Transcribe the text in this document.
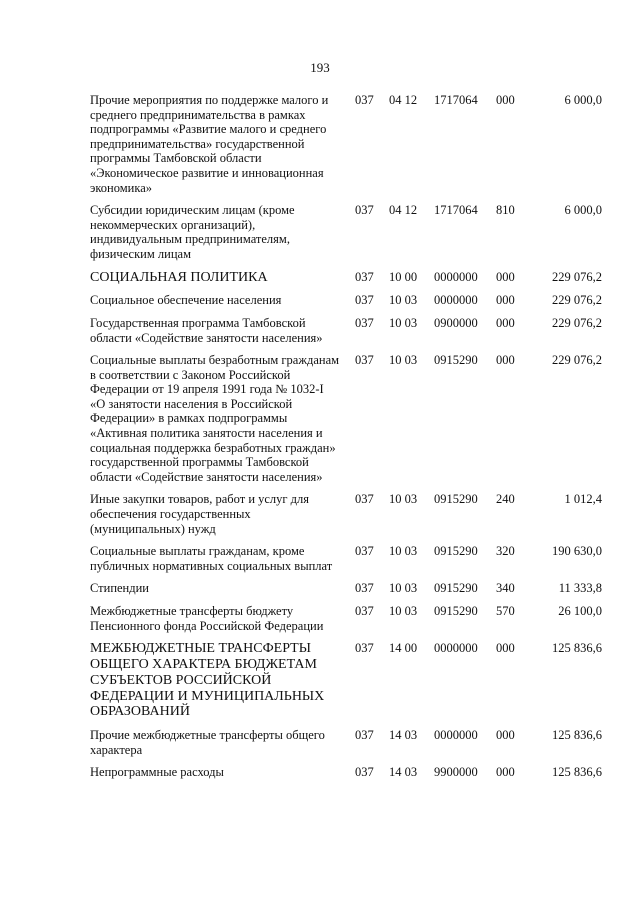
193
Прочие мероприятия по поддержке малого и среднего предпринимательства в рамках подпрограммы «Развитие малого и среднего предпринимательства» государственной программы Тамбовской области «Экономическое развитие и инновационная экономика»
037 04 12 1717064 000	6 000,0
Субсидии юридическим лицам (кроме некоммерческих организаций), индивидуальным предпринимателям, физическим лицам
037 04 12 1717064 810	6 000,0
СОЦИАЛЬНАЯ ПОЛИТИКА	037 10 00 0000000 000	229 076,2
Социальное обеспечение населения	037 10 03 0000000 000	229 076,2
Государственная программа Тамбовской области «Содействие занятости населения»
037 10 03 0900000 000	229 076,2
Социальные выплаты безработным гражданам в соответствии с Законом Российской Федерации от 19 апреля 1991 года № 1032-I «О занятости населения в Российской Федерации» в рамках подпрограммы «Активная политика занятости населения и социальная поддержка безработных граждан» государственной программы Тамбовской области «Содействие занятости населения»
037 10 03 0915290 000	229 076,2
Иные закупки товаров, работ и услуг для обеспечения государственных (муниципальных) нужд
037 10 03 0915290 240	1 012,4
Социальные выплаты гражданам, кроме публичных нормативных социальных выплат
037 10 03 0915290 320	190 630,0
Стипендии	037 10 03 0915290 340	11 333,8
Межбюджетные трансферты бюджету Пенсионного фонда Российской Федерации
037 10 03 0915290 570	26 100,0
МЕЖБЮДЖЕТНЫЕ ТРАНСФЕРТЫ ОБЩЕГО ХАРАКТЕРА БЮДЖЕТАМ СУБЪЕКТОВ РОССИЙСКОЙ ФЕДЕРАЦИИ И МУНИЦИПАЛЬНЫХ ОБРАЗОВАНИЙ
037 14 00 0000000 000	125 836,6
Прочие межбюджетные трансферты общего характера
037 14 03 0000000 000	125 836,6
Непрограммные расходы	037 14 03 9900000 000	125 836,6
